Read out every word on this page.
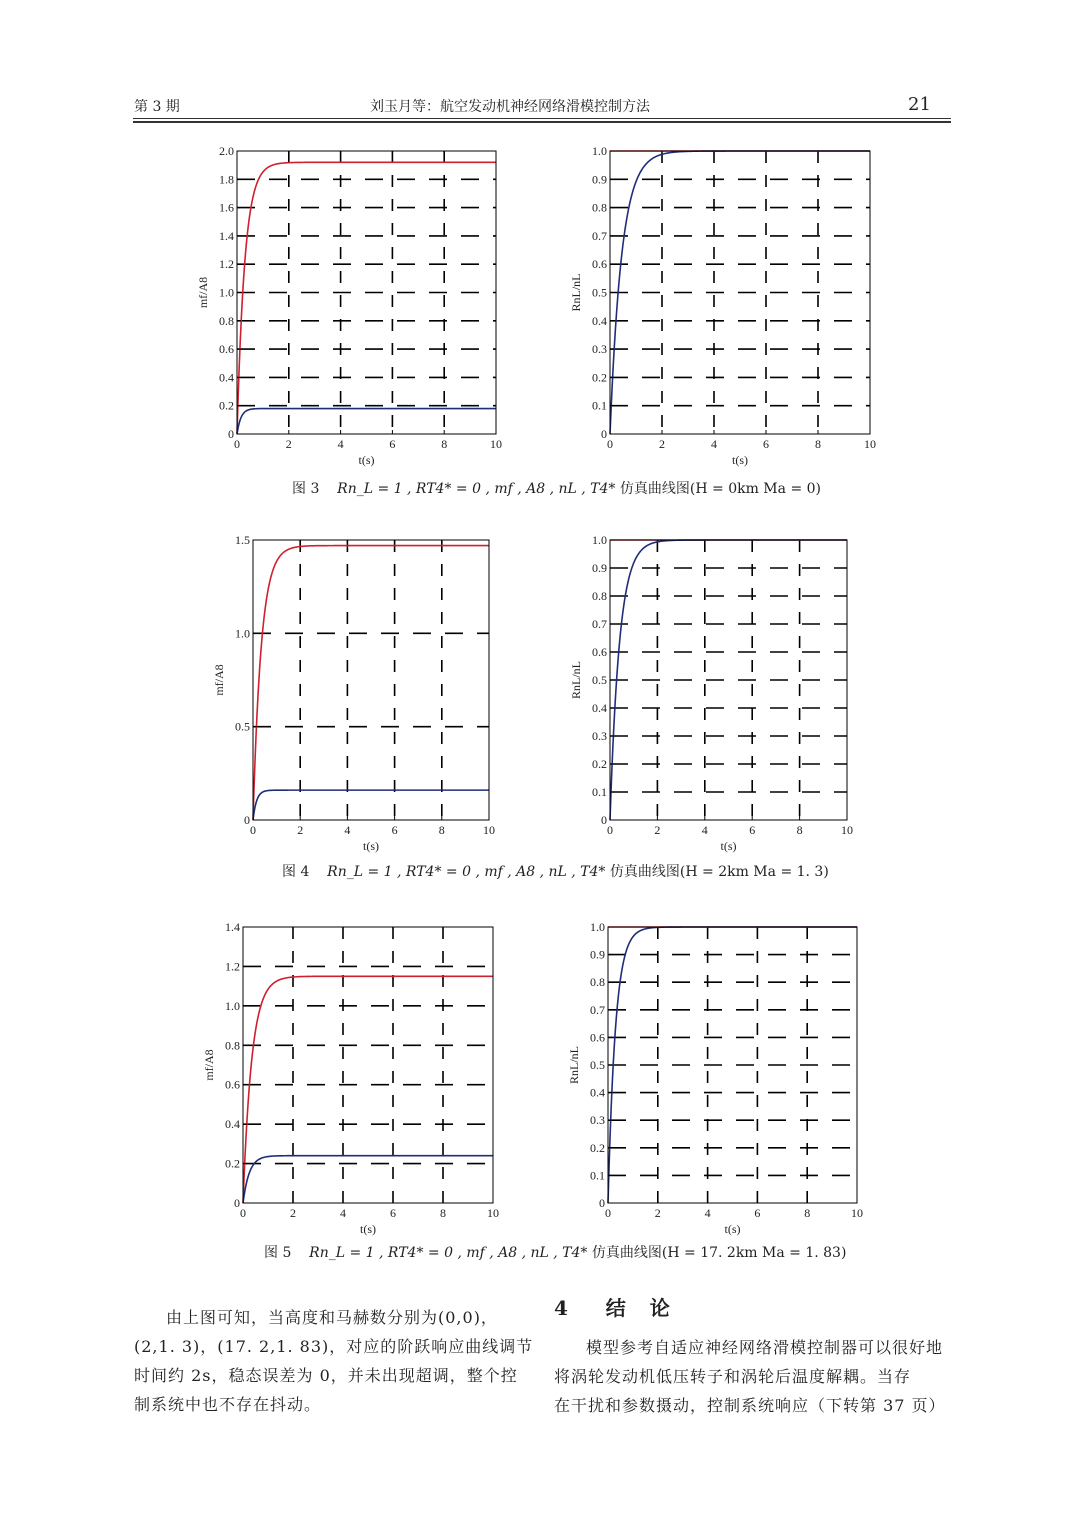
第 3 期	刘玉月等：航空发动机神经网络滑模控制方法	21
0	2	4	6	8	10
0
0.2
0.4
0.6
0.8
1.0
1.2
1.4
1.6
1.8
2.0
t(s)
mf/A8
0	2	4	6	8	10
0
0.1
0.2
0.3
0.4
0.5
0.6
0.7
0.8
0.9
1.0
t(s)
RnL/nL
0	2	4	6	8	10
0
0.5
1.0
1.5
t(s)
mf/A8
0	2	4	6	8	10
0
0.1
0.2
0.3
0.4
0.5
0.6
0.7
0.8
0.9
1.0
t(s)
RnL/nL
0	2	4	6	8	10
0
0.2
0.4
0.6
0.8
1.0
1.2
1.4
t(s)
mf/A8
0	2	4	6	8	10
0
0.1
0.2
0.3
0.4
0.5
0.6
0.7
0.8
0.9
1.0
t(s)
RnL/nL
图 3 Rn_L = 1 , RT4* = 0 , mf , A8 , nL , T4* 仿真曲线图(H = 0km Ma = 0)
图 4 Rn_L = 1 , RT4* = 0 , mf , A8 , nL , T4* 仿真曲线图(H = 2km Ma = 1. 3)
图 5 Rn_L = 1 , RT4* = 0 , mf , A8 , nL , T4* 仿真曲线图(H = 17. 2km Ma = 1. 83)
由上图可知，当高度和马赫数分别为(0,0)，
(2,1. 3)，(17. 2,1. 83)，对应的阶跃响应曲线调节
时间约 2s，稳态误差为 0，并未出现超调，整个控
制系统中也不存在抖动。
4 结　论
模型参考自适应神经网络滑模控制器可以很好地
将涡轮发动机低压转子和涡轮后温度解耦。当存
在干扰和参数摄动，控制系统响应（下转第 37 页）
